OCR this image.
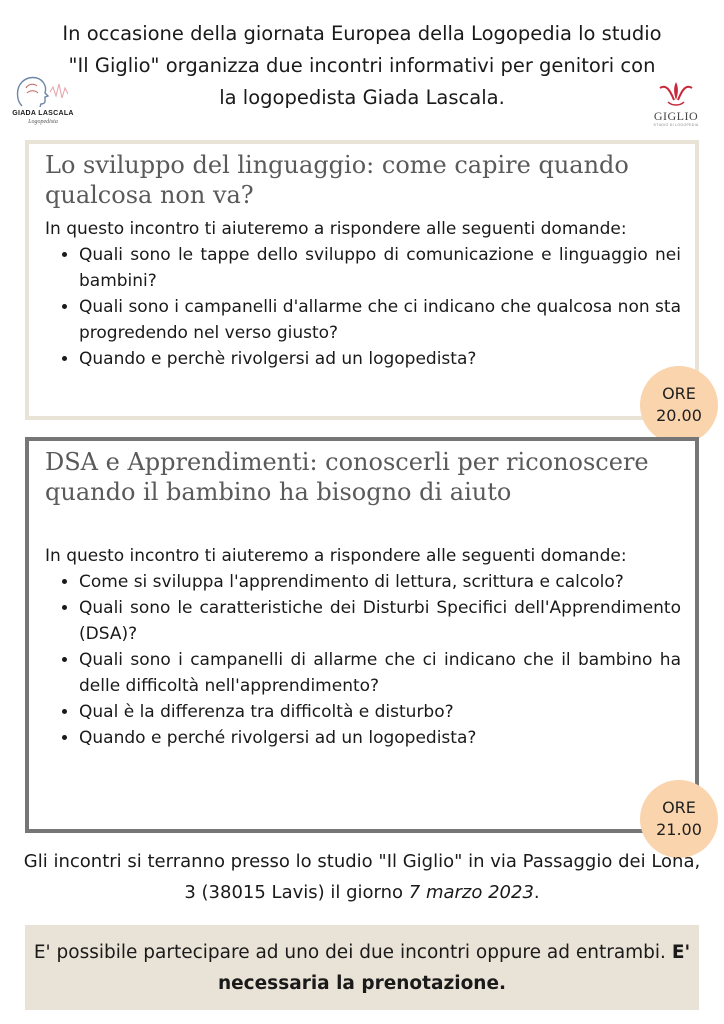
In occasione della giornata Europea della Logopedia lo studio "Il Giglio" organizza due incontri informativi per genitori con la logopedista Giada Lascala.
GIADA LASCALA
Logopedista	GIGLIO
STUDIO DI LOGOPEDIA
Lo sviluppo del linguaggio: come capire quando qualcosa non va?

In questo incontro ti aiuteremo a rispondere alle seguenti domande:

• Quali sono le tappe dello sviluppo di comunicazione e linguaggio nei bambini?
• Quali sono i campanelli d'allarme che ci indicano che qualcosa non sta progredendo nel verso giusto?
• Quando e perchè rivolgersi ad un logopedista?
ORE
20.00
DSA e Apprendimenti: conoscerli per riconoscere quando il bambino ha bisogno di aiuto

In questo incontro ti aiuteremo a rispondere alle seguenti domande:

• Come si sviluppa l'apprendimento di lettura, scrittura e calcolo?
• Quali sono le caratteristiche dei Disturbi Specifici dell'Apprendimento (DSA)?
• Quali sono i campanelli di allarme che ci indicano che il bambino ha delle difficoltà nell'apprendimento?
• Qual è la differenza tra difficoltà e disturbo?
• Quando e perché rivolgersi ad un logopedista?
ORE
21.00
Gli incontri si terranno presso lo studio "Il Giglio" in via Passaggio dei Lona, 3 (38015 Lavis) il giorno 7 marzo 2023.
E' possibile partecipare ad uno dei due incontri oppure ad entrambi. E' necessaria la prenotazione.
